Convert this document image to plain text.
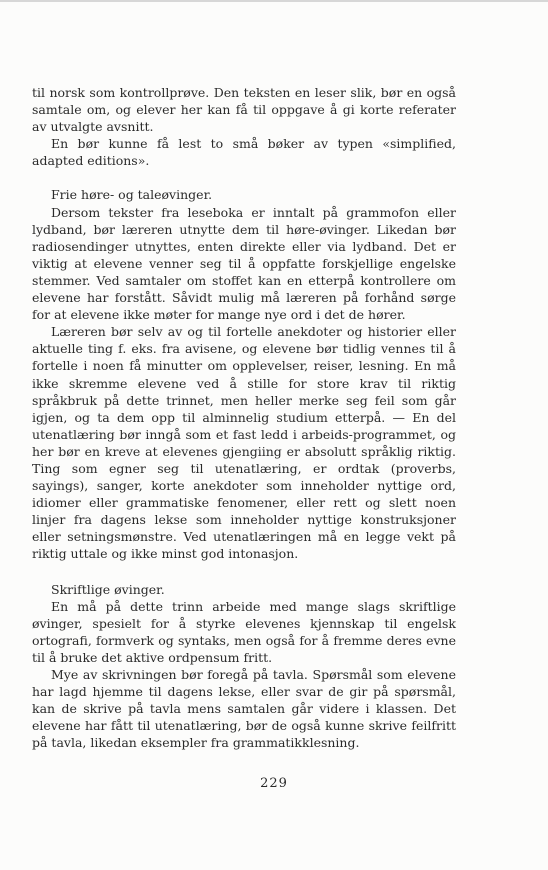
til norsk som kontrollprøve. Den teksten en leser slik, bør en også samtale om, og elever her kan få til oppgave å gi korte referater av utvalgte avsnitt.

En bør kunne få lest to små bøker av typen «simplified, adapted editions».

Frie høre- og taleøvinger.

Dersom tekster fra leseboka er inntalt på grammofon eller lydband, bør læreren utnytte dem til høre-øvinger. Likedan bør radiosendinger utnyttes, enten direkte eller via lydband. Det er viktig at elevene venner seg til å oppfatte forskjellige engelske stemmer. Ved samtaler om stoffet kan en etterpå kontrollere om elevene har forstått. Såvidt mulig må læreren på forhånd sørge for at elevene ikke møter for mange nye ord i det de hører.

Læreren bør selv av og til fortelle anekdoter og historier eller aktuelle ting f. eks. fra avisene, og elevene bør tidlig vennes til å fortelle i noen få minutter om opplevelser, reiser, lesning. En må ikke skremme elevene ved å stille for store krav til riktig språkbruk på dette trinnet, men heller merke seg feil som går igjen, og ta dem opp til alminnelig studium etterpå. — En del utenatlæring bør inngå som et fast ledd i arbeids-programmet, og her bør en kreve at elevenes gjengiing er absolutt språklig riktig. Ting som egner seg til utenatlæring, er ordtak (proverbs, sayings), sanger, korte anekdoter som inneholder nyttige ord, idiomer eller grammatiske fenomener, eller rett og slett noen linjer fra dagens lekse som inneholder nyttige konstruksjoner eller setningsmønstre. Ved utenatlæringen må en legge vekt på riktig uttale og ikke minst god intonasjon.

Skriftlige øvinger.

En må på dette trinn arbeide med mange slags skriftlige øvinger, spesielt for å styrke elevenes kjennskap til engelsk ortografi, formverk og syntaks, men også for å fremme deres evne til å bruke det aktive ordpensum fritt.

Mye av skrivningen bør foregå på tavla. Spørsmål som elevene har lagd hjemme til dagens lekse, eller svar de gir på spørsmål, kan de skrive på tavla mens samtalen går videre i klassen. Det elevene har fått til utenatlæring, bør de også kunne skrive feilfritt på tavla, likedan eksempler fra grammatikklesning.

229
